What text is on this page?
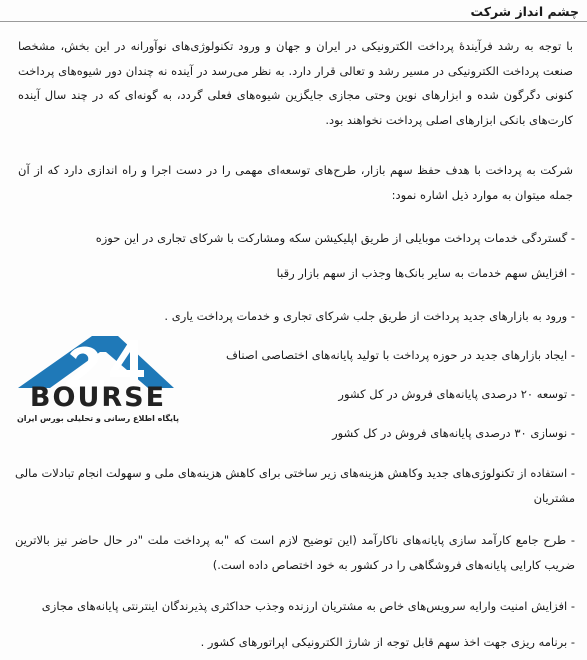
چشم انداز شرکت
با توجه به رشد فرآیندۀ پرداخت الکترونیکی در ایران و جهان و ورود تکنولوژی‌های نوآورانه در این بخش، مشخصا صنعت پرداخت الکترونیکی در مسیر رشد و تعالی قرار دارد. به نظر می‌رسد در آینده نه چندان دور شیوه‌های پرداخت کنونی دگرگون شده و ابزارهای نوین وحتی مجازی جایگزین شیوه‌های فعلی گردد، به گونه‌ای که در چند سال آینده کارت‌های بانکی ابزارهای اصلی پرداخت نخواهند بود.
شرکت به پرداخت با هدف حفظ سهم بازار، طرح‌های توسعه‌ای مهمی را در دست اجرا و راه اندازی دارد که از آن جمله میتوان به موارد ذیل اشاره نمود:
- گسترد‌گی خدمات پرداخت موبایلی از طریق اپلیکیشن سکه ومشارکت با شرکای تجاری در این حوزه
- افزایش سهم خدمات به سایر بانک‌ها وجذب از سهم بازار رقبا
- ورود به بازارهای جدید پرداخت از طریق جلب شرکای تجاری و خدمات پرداخت یاری .
- ایجاد بازارهای جدید در حوزه پرداخت با تولید پایانه‌های اختصاصی اصناف
- توسعه ۲۰ درصدی پایانه‌های فروش در کل کشور
- نوسازی ۳۰ درصدی پایانه‌های فروش در کل کشور
- استفاده از تکنولوژی‌های جدید وکاهش هزینه‌های زیر ساختی برای کاهش هزینه‌های ملی و سهولت انجام تبادلات مالی مشتریان
- طرح جامع کارآمد سازی پایانه‌های ناکارآمد (این توضیح لازم است که "به پرداخت ملت "در حال حاضر نیز بالاترین ضریب کارایی پایانه‌های فروشگاهی را در کشور به خود اختصاص داده است.)
- افزایش امنیت وارایه سرویس‌های خاص به مشتریان ارزنده وجذب حداکثری پذیرندگان اینترنتی پایانه‌های مجازی
- برنامه ریزی جهت اخذ سهم قابل توجه از شارژ الکترونیکی اپراتورهای کشور .
BOURSE
پایگاه اطلاع رسانی و تحلیلی بورس ایران
